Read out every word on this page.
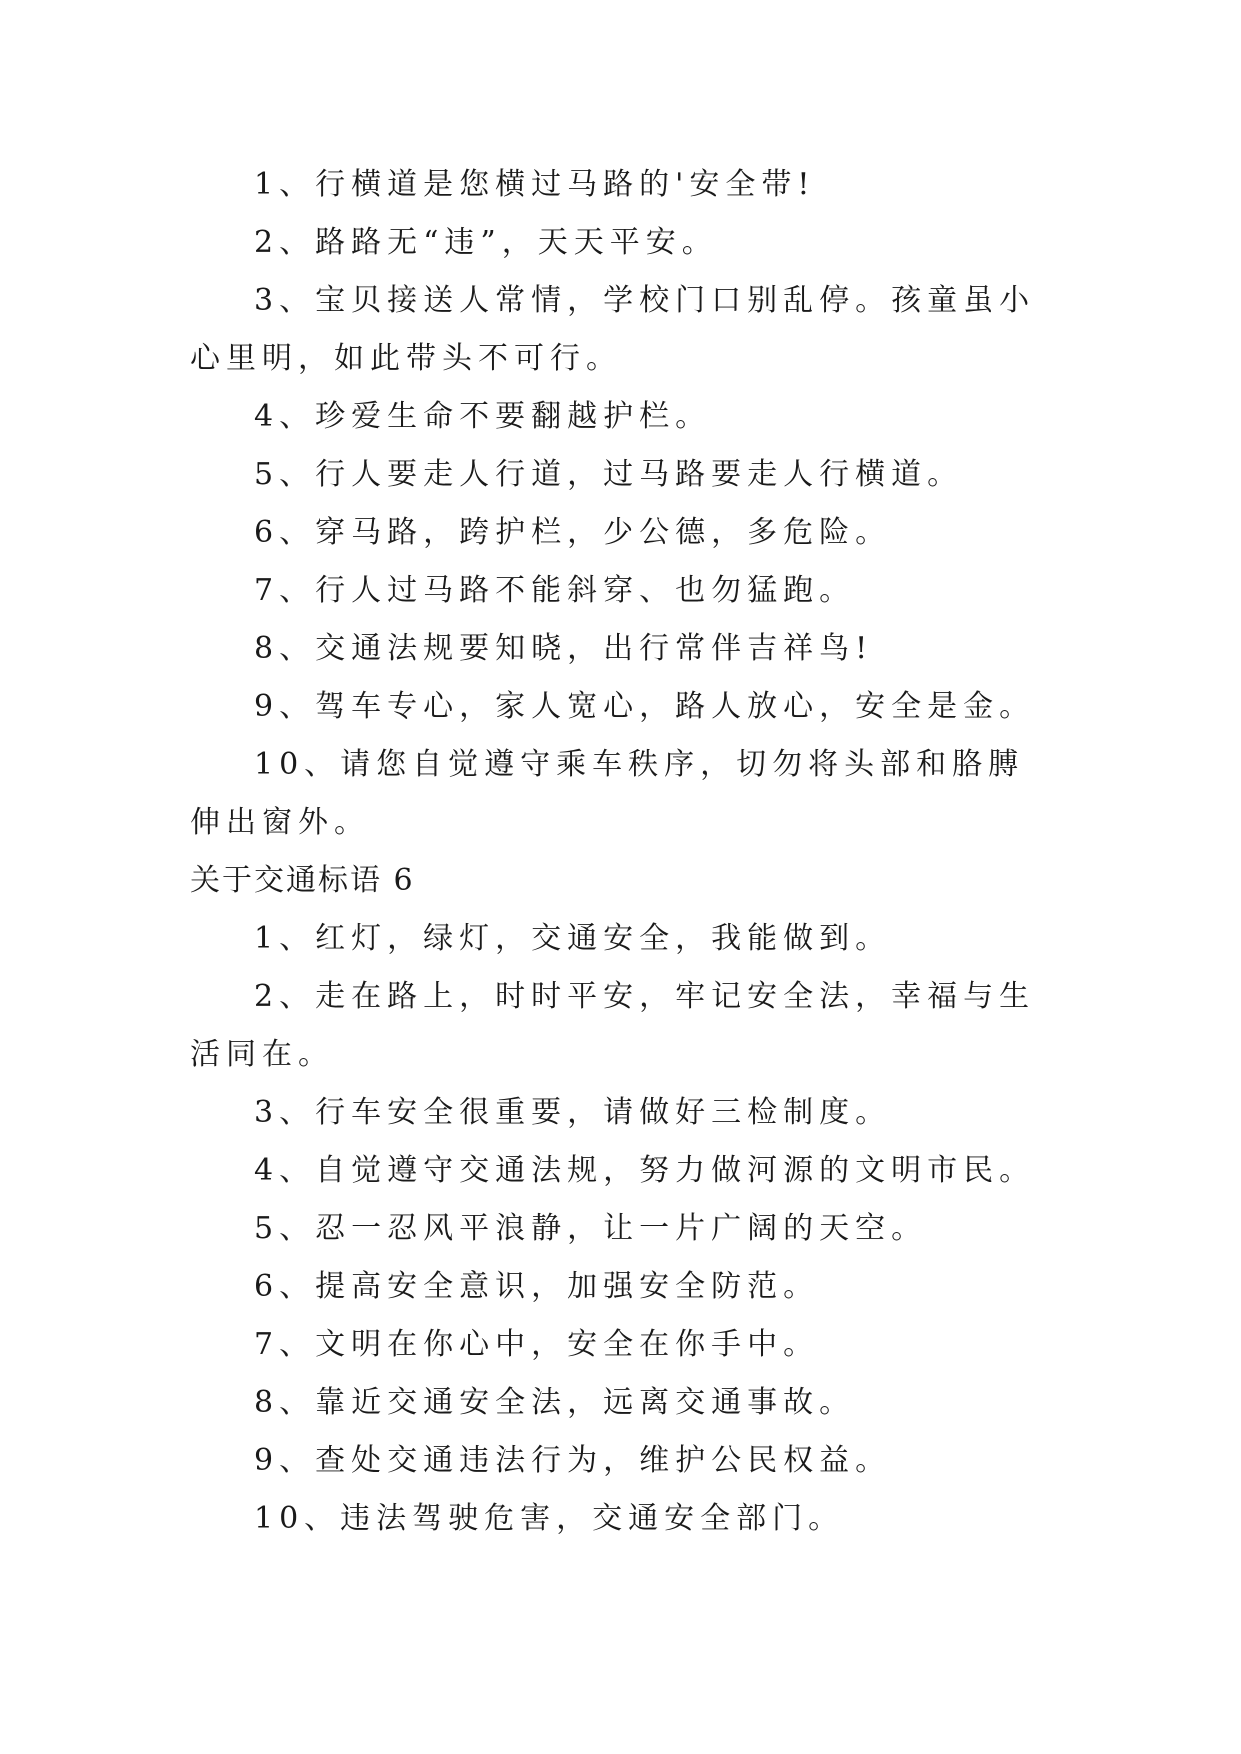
1、行横道是您横过马路的'安全带!

2、路路无“违”，天天平安。

3、宝贝接送人常情，学校门口别乱停。孩童虽小心里明，如此带头不可行。

4、珍爱生命不要翻越护栏。

5、行人要走人行道，过马路要走人行横道。

6、穿马路，跨护栏，少公德，多危险。

7、行人过马路不能斜穿、也勿猛跑。

8、交通法规要知晓，出行常伴吉祥鸟!

9、驾车专心，家人宽心，路人放心，安全是金。

10、请您自觉遵守乘车秩序，切勿将头部和胳膊伸出窗外。

关于交通标语 6

1、红灯，绿灯，交通安全，我能做到。

2、走在路上，时时平安，牢记安全法，幸福与生活同在。

3、行车安全很重要，请做好三检制度。

4、自觉遵守交通法规，努力做河源的文明市民。

5、忍一忍风平浪静，让一片广阔的天空。

6、提高安全意识，加强安全防范。

7、文明在你心中，安全在你手中。

8、靠近交通安全法，远离交通事故。

9、查处交通违法行为，维护公民权益。

10、违法驾驶危害，交通安全部门。
